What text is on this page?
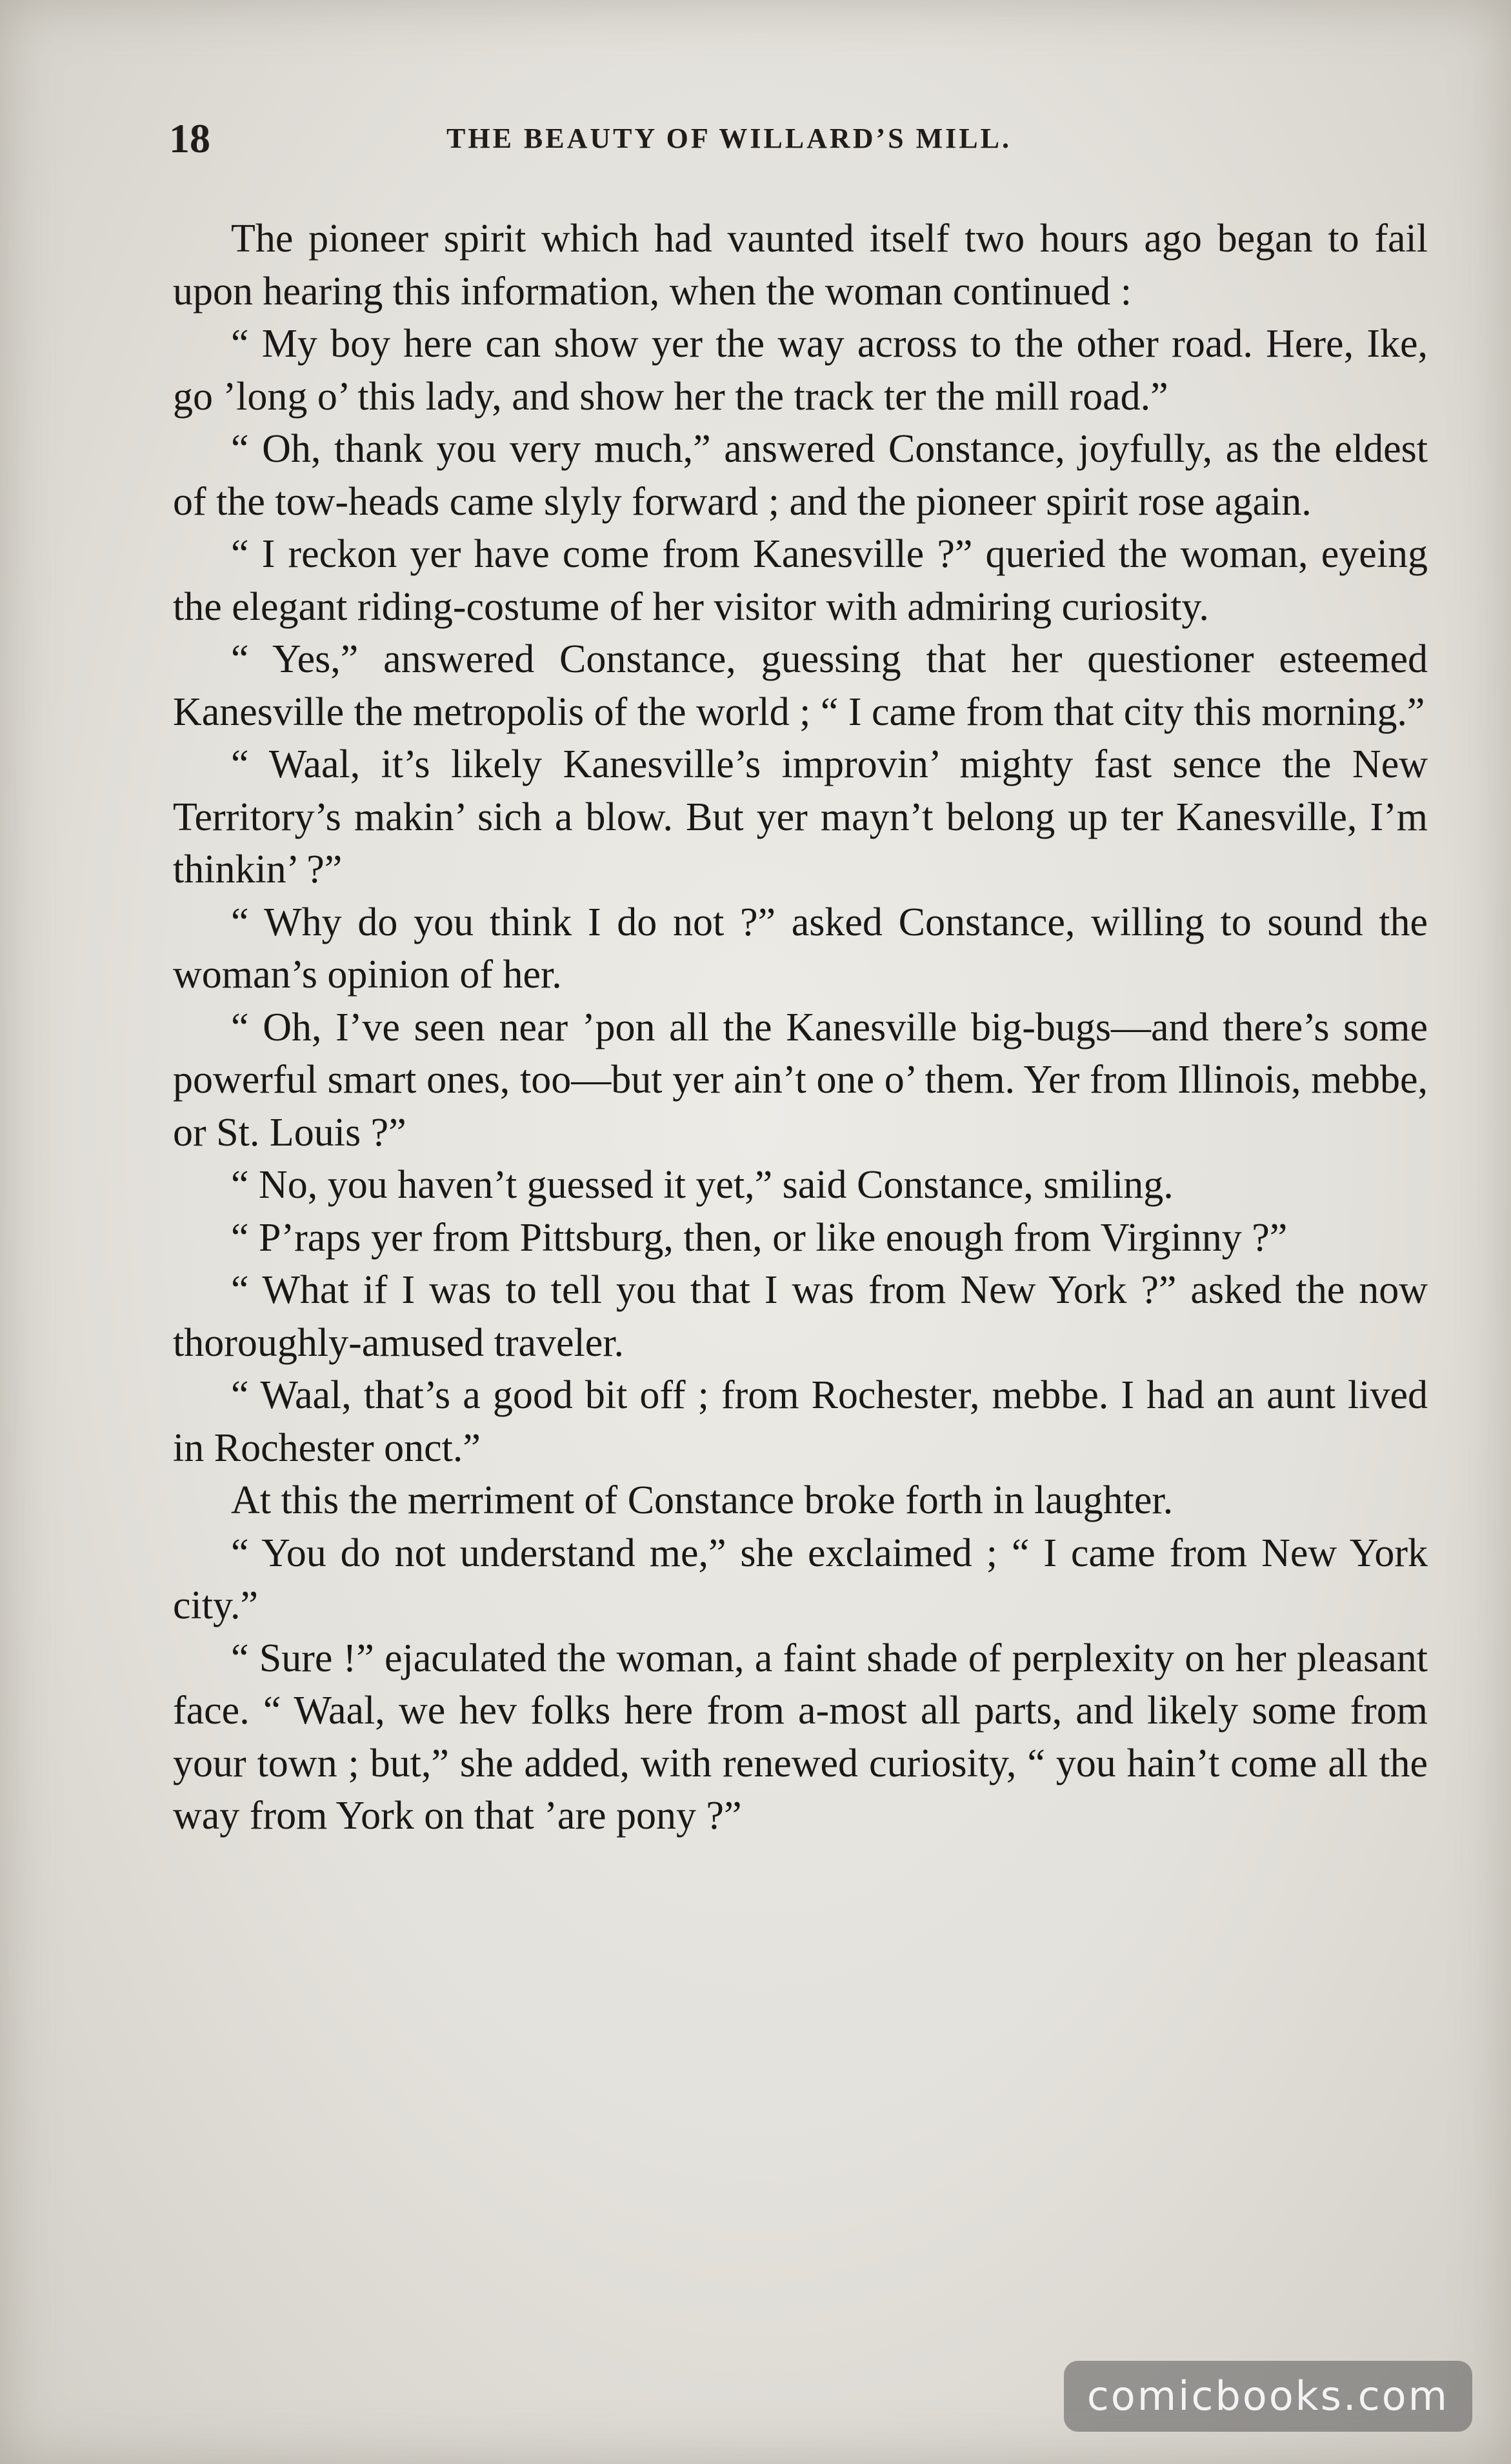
18	THE BEAUTY OF WILLARD’S MILL.

The pioneer spirit which had vaunted itself two hours ago began to fail upon hearing this information, when the woman continued :

“ My boy here can show yer the way across to the other road. Here, Ike, go ’long o’ this lady, and show her the track ter the mill road.”

“ Oh, thank you very much,” answered Constance, joyfully, as the eldest of the tow-heads came slyly forward ; and the pioneer spirit rose again.

“ I reckon yer have come from Kanesville ?” queried the woman, eyeing the elegant riding-costume of her visitor with admiring curiosity.

“ Yes,” answered Constance, guessing that her questioner esteemed Kanesville the metropolis of the world ; “ I came from that city this morning.”

“ Waal, it’s likely Kanesville’s improvin’ mighty fast sence the New Territory’s makin’ sich a blow. But yer mayn’t belong up ter Kanesville, I’m thinkin’ ?”

“ Why do you think I do not ?” asked Constance, willing to sound the woman’s opinion of her.

“ Oh, I’ve seen near ’pon all the Kanesville big-bugs—and there’s some powerful smart ones, too—but yer ain’t one o’ them. Yer from Illinois, mebbe, or St. Louis ?”

“ No, you haven’t guessed it yet,” said Constance, smiling.

“ P’raps yer from Pittsburg, then, or like enough from Virginny ?”

“ What if I was to tell you that I was from New York ?” asked the now thoroughly-amused traveler.

“ Waal, that’s a good bit off ; from Rochester, mebbe. I had an aunt lived in Rochester onct.”

At this the merriment of Constance broke forth in laughter.

“ You do not understand me,” she exclaimed ; “ I came from New York city.”

“ Sure !” ejaculated the woman, a faint shade of perplexity on her pleasant face. “ Waal, we hev folks here from a-most all parts, and likely some from your town ; but,” she added, with renewed curiosity, “ you hain’t come all the way from York on that ’are pony ?”

comicbooks.com
